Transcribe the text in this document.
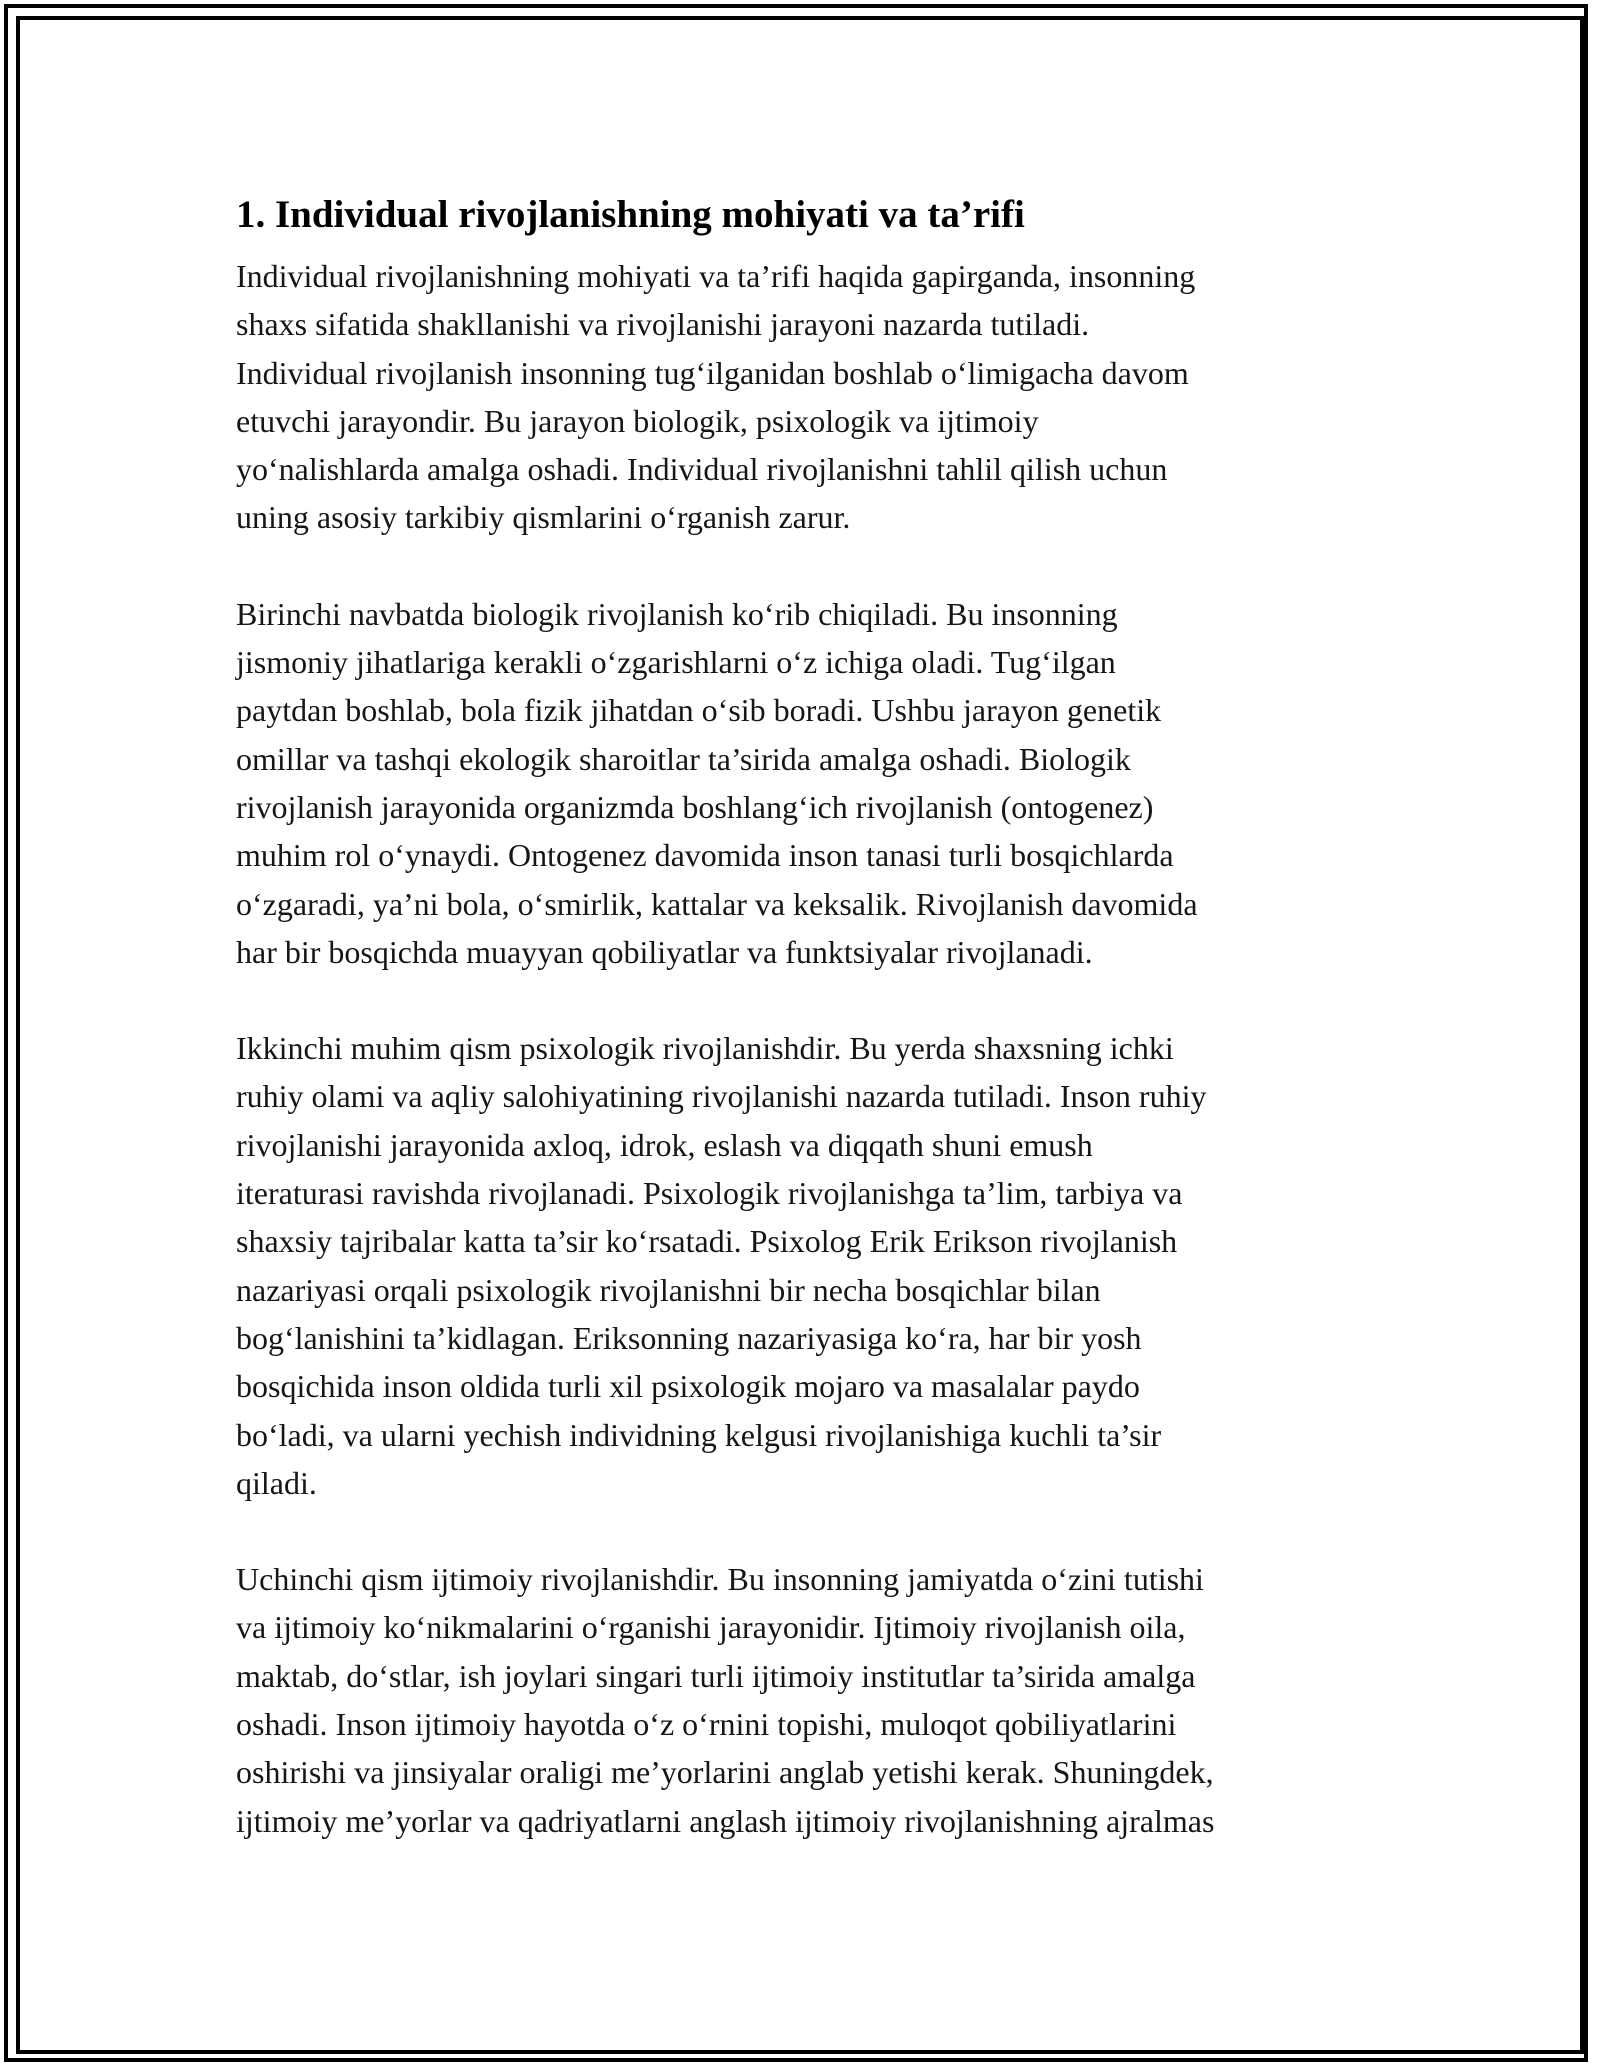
1. Individual rivojlanishning mohiyati va ta’rifi

Individual rivojlanishning mohiyati va ta’rifi haqida gapirganda, insonning
shaxs sifatida shakllanishi va rivojlanishi jarayoni nazarda tutiladi.
Individual rivojlanish insonning tug‘ilganidan boshlab o‘limigacha davom
etuvchi jarayondir. Bu jarayon biologik, psixologik va ijtimoiy
yo‘nalishlarda amalga oshadi. Individual rivojlanishni tahlil qilish uchun
uning asosiy tarkibiy qismlarini o‘rganish zarur.

Birinchi navbatda biologik rivojlanish ko‘rib chiqiladi. Bu insonning
jismoniy jihatlariga kerakli o‘zgarishlarni o‘z ichiga oladi. Tug‘ilgan
paytdan boshlab, bola fizik jihatdan o‘sib boradi. Ushbu jarayon genetik
omillar va tashqi ekologik sharoitlar ta’sirida amalga oshadi. Biologik
rivojlanish jarayonida organizmda boshlang‘ich rivojlanish (ontogenez)
muhim rol o‘ynaydi. Ontogenez davomida inson tanasi turli bosqichlarda
o‘zgaradi, ya’ni bola, o‘smirlik, kattalar va keksalik. Rivojlanish davomida
har bir bosqichda muayyan qobiliyatlar va funktsiyalar rivojlanadi.

Ikkinchi muhim qism psixologik rivojlanishdir. Bu yerda shaxsning ichki
ruhiy olami va aqliy salohiyatining rivojlanishi nazarda tutiladi. Inson ruhiy
rivojlanishi jarayonida axloq, idrok, eslash va diqqath shuni emush
iteraturasi ravishda rivojlanadi. Psixologik rivojlanishga ta’lim, tarbiya va
shaxsiy tajribalar katta ta’sir ko‘rsatadi. Psixolog Erik Erikson rivojlanish
nazariyasi orqali psixologik rivojlanishni bir necha bosqichlar bilan
bog‘lanishini ta’kidlagan. Eriksonning nazariyasiga ko‘ra, har bir yosh
bosqichida inson oldida turli xil psixologik mojaro va masalalar paydo
bo‘ladi, va ularni yechish individning kelgusi rivojlanishiga kuchli ta’sir
qiladi.

Uchinchi qism ijtimoiy rivojlanishdir. Bu insonning jamiyatda o‘zini tutishi
va ijtimoiy ko‘nikmalarini o‘rganishi jarayonidir. Ijtimoiy rivojlanish oila,
maktab, do‘stlar, ish joylari singari turli ijtimoiy institutlar ta’sirida amalga
oshadi. Inson ijtimoiy hayotda o‘z o‘rnini topishi, muloqot qobiliyatlarini
oshirishi va jinsiyalar oraligi me’yorlarini anglab yetishi kerak. Shuningdek,
ijtimoiy me’yorlar va qadriyatlarni anglash ijtimoiy rivojlanishning ajralmas
